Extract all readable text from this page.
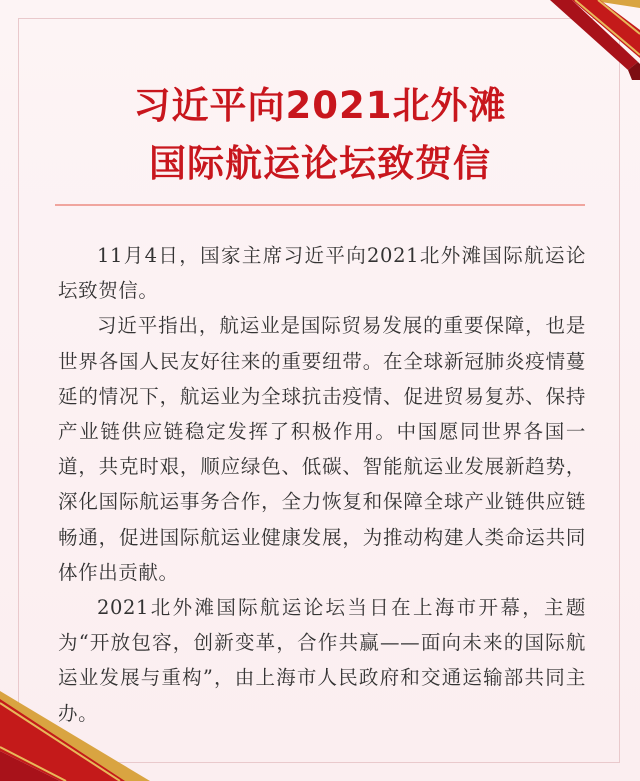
习近平向2021北外滩
国际航运论坛致贺信

11月4日，国家主席习近平向2021北外滩国际航运论坛致贺信。

习近平指出，航运业是国际贸易发展的重要保障，也是世界各国人民友好往来的重要纽带。在全球新冠肺炎疫情蔓延的情况下，航运业为全球抗击疫情、促进贸易复苏、保持产业链供应链稳定发挥了积极作用。中国愿同世界各国一道，共克时艰，顺应绿色、低碳、智能航运业发展新趋势，深化国际航运事务合作，全力恢复和保障全球产业链供应链畅通，促进国际航运业健康发展，为推动构建人类命运共同体作出贡献。

2021北外滩国际航运论坛当日在上海市开幕，主题为“开放包容，创新变革，合作共赢——面向未来的国际航运业发展与重构”，由上海市人民政府和交通运输部共同主办。
